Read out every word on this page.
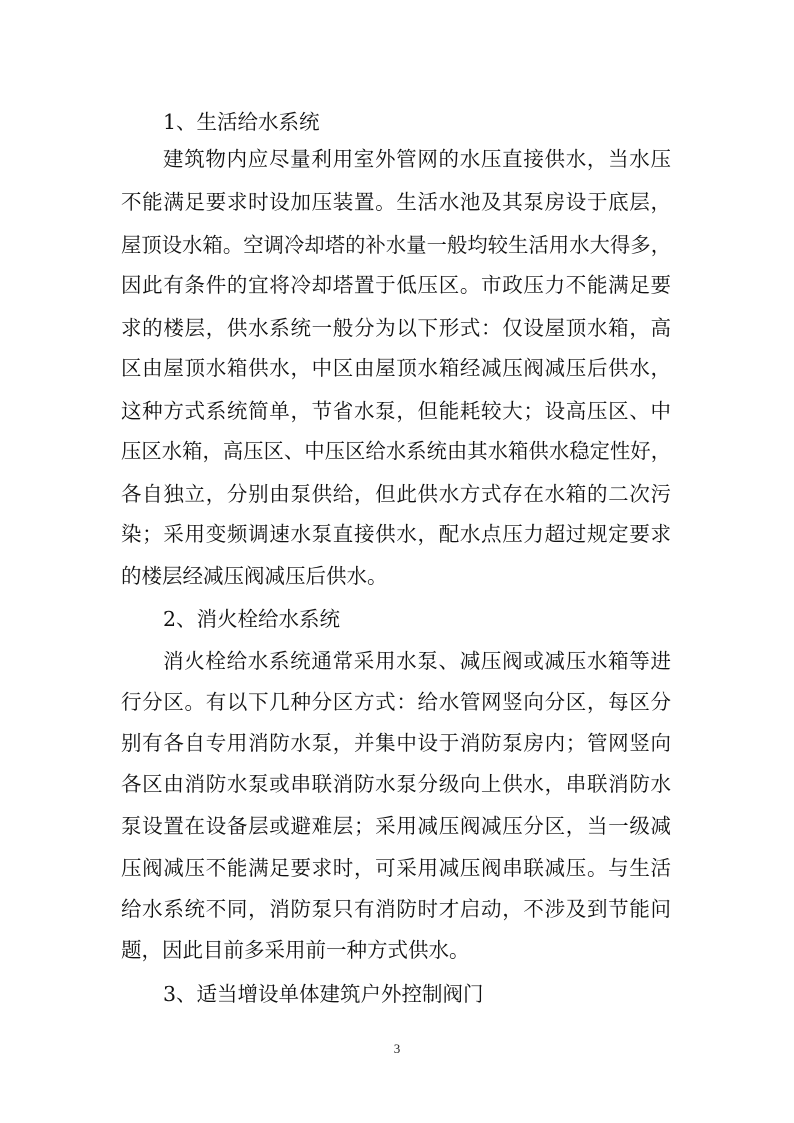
1、生活给水系统
建筑物内应尽量利用室外管网的水压直接供水，当水压
不能满足要求时设加压装置。生活水池及其泵房设于底层，
屋顶设水箱。空调冷却塔的补水量一般均较生活用水大得多，
因此有条件的宜将冷却塔置于低压区。市政压力不能满足要
求的楼层，供水系统一般分为以下形式：仅设屋顶水箱，高
区由屋顶水箱供水，中区由屋顶水箱经减压阀减压后供水，
这种方式系统简单，节省水泵，但能耗较大；设高压区、中
压区水箱，高压区、中压区给水系统由其水箱供水稳定性好，
各自独立，分别由泵供给，但此供水方式存在水箱的二次污
染；采用变频调速水泵直接供水，配水点压力超过规定要求
的楼层经减压阀减压后供水。
2、消火栓给水系统
消火栓给水系统通常采用水泵、减压阀或减压水箱等进
行分区。有以下几种分区方式：给水管网竖向分区，每区分
别有各自专用消防水泵，并集中设于消防泵房内；管网竖向
各区由消防水泵或串联消防水泵分级向上供水，串联消防水
泵设置在设备层或避难层；采用减压阀减压分区，当一级减
压阀减压不能满足要求时，可采用减压阀串联减压。与生活
给水系统不同，消防泵只有消防时才启动，不涉及到节能问
题，因此目前多采用前一种方式供水。
3、适当增设单体建筑户外控制阀门
3
